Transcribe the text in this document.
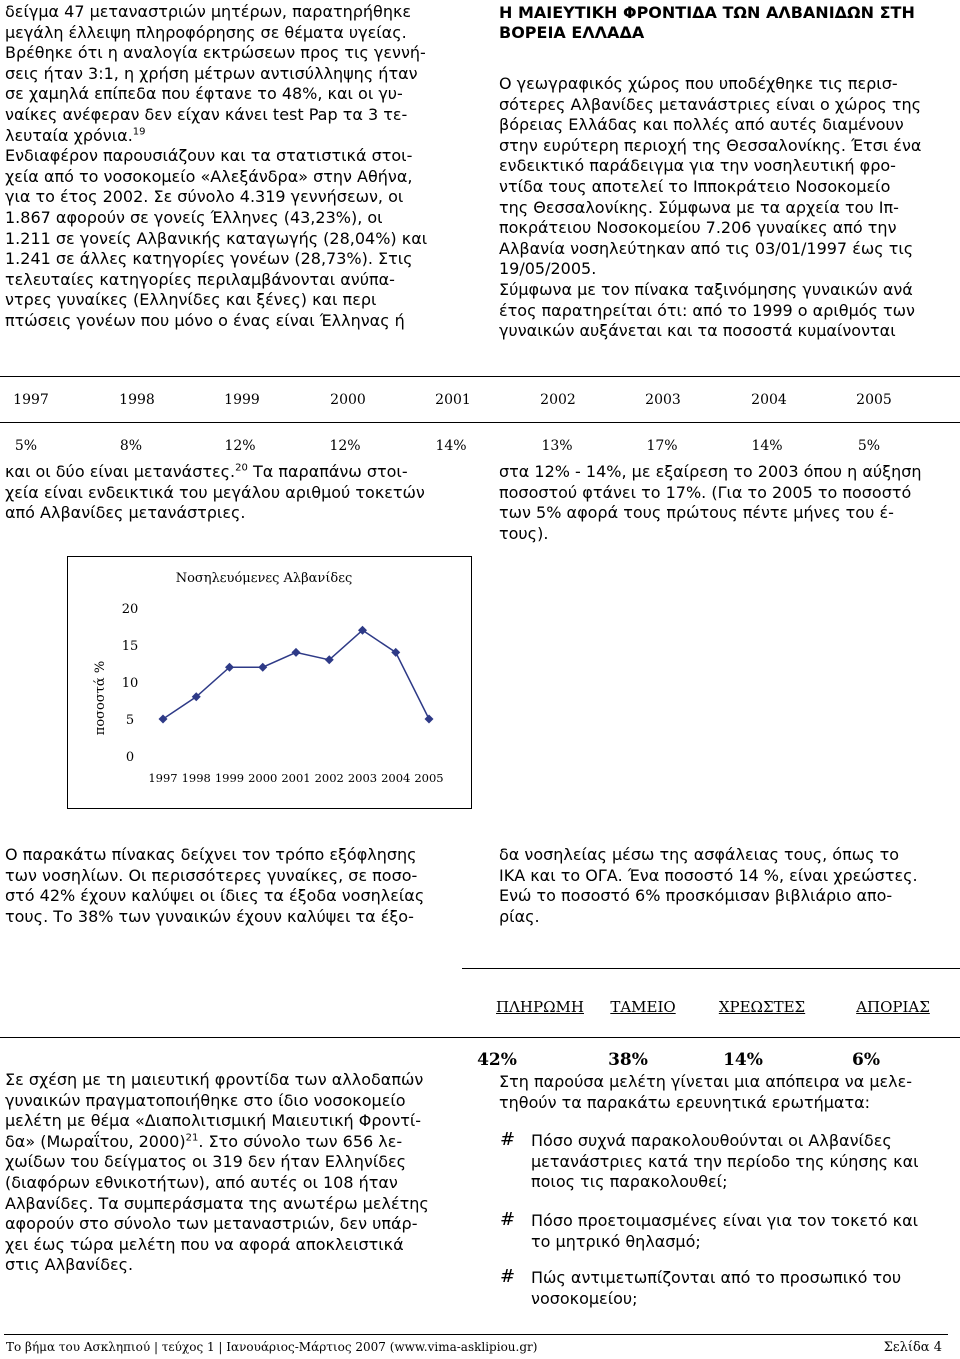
δείγμα 47 μεταναστριών μητέρων, παρατηρήθηκε
μεγάλη έλλειψη πληροφόρησης σε θέματα υγείας.
Βρέθηκε ότι η αναλογία εκτρώσεων προς τις γεννή-
σεις ήταν 3:1, η χρήση μέτρων αντισύλληψης ήταν
σε χαμηλά επίπεδα που έφτανε το 48%, και οι γυ-
ναίκες ανέφεραν δεν είχαν κάνει test Pap τα 3 τε-
λευταία χρόνια.$^{19}$
Ενδιαφέρον παρουσιάζουν και τα στατιστικά στοι-
χεία από το νοσοκομείο «Αλεξάνδρα» στην Αθήνα,
για το έτος 2002. Σε σύνολο 4.319 γεννήσεων, οι
1.867 αφορούν σε γονείς Έλληνες (43,23%), οι
1.211 σε γονείς Αλβανικής καταγωγής (28,04%) και
1.241 σε άλλες κατηγορίες γονέων (28,73%). Στις
τελευταίες κατηγορίες περιλαμβάνονται ανύπα-
ντρες γυναίκες (Ελληνίδες και ξένες) και περι
πτώσεις γονέων που μόνο ο ένας είναι Έλληνας ή
Η ΜΑΙΕΥΤΙΚΗ ΦΡΟΝΤΙΔΑ ΤΩΝ ΑΛΒΑΝΙΔΩΝ ΣΤΗ
ΒΟΡΕΙΑ ΕΛΛΑΔΑ
Ο γεωγραφικός χώρος που υποδέχθηκε τις περισ-
σότερες Αλβανίδες μετανάστριες είναι ο χώρος της
βόρειας Ελλάδας και πολλές από αυτές διαμένουν
στην ευρύτερη περιοχή της Θεσσαλονίκης. Έτσι ένα
ενδεικτικό παράδειγμα για την νοσηλευτική φρο-
ντίδα τους αποτελεί το Ιπποκράτειο Νοσοκομείο
της Θεσσαλονίκης. Σύμφωνα με τα αρχεία του Ιπ-
ποκράτειου Νοσοκομείου 7.206 γυναίκες από την
Αλβανία νοσηλεύτηκαν από τις 03/01/1997 έως τις
19/05/2005.
Σύμφωνα με τον πίνακα ταξινόμησης γυναικών ανά
έτος παρατηρείται ότι: από το 1999 ο αριθμός των
γυναικών αυξάνεται και τα ποσοστά κυμαίνονται
1997	1998	1999	2000	2001	2002	2003	2004	2005
5%	8%	12%	12%	14%	13%	17%	14%	5%
και οι δύο είναι μετανάστες.$^{20}$ Τα παραπάνω στοι-
χεία είναι ενδεικτικά του μεγάλου αριθμού τοκετών
από Αλβανίδες μετανάστριες.
στα 12% - 14%, με εξαίρεση το 2003 όπου η αύξηση
ποσοστού φτάνει το 17%. (Για το 2005 το ποσοστό
των 5% αφορά τους πρώτους πέντε μήνες του έ-
τους).
Νοσηλευόμενες Αλβανίδες
ποσοστά %
0
5
10
15
20
1997 1998 1999 2000 2001 2002 2003 2004 2005
Ο παρακάτω πίνακας δείχνει τον τρόπο εξόφλησης
των νοσηλίων. Οι περισσότερες γυναίκες, σε ποσο-
στό 42% έχουν καλύψει οι ίδιες τα έξοδα νοσηλείας
τους. Το 38% των γυναικών έχουν καλύψει τα έξο-
δα νοσηλείας μέσω της ασφάλειας τους, όπως το
ΙΚΑ και το ΟΓΑ. Ένα ποσοστό 14 %, είναι χρεώστες.
Ενώ το ποσοστό 6% προσκόμισαν βιβλιάριο απο-
ρίας.
ΠΛΗΡΩΜΗ ΤΑΜΕΙΟ	ΧΡΕΩΣΤΕΣ	ΑΠΟΡΙΑΣ
42%	38%	14%	6%
Σε σχέση με τη μαιευτική φροντίδα των αλλοδαπών
γυναικών πραγματοποιήθηκε στο ίδιο νοσοκομείο
μελέτη με θέμα «Διαπολιτισμική Μαιευτική Φροντί-
δα» (Μωραΐτου, 2000)$^{21}$. Στο σύνολο των 656 λε-
χωίδων του δείγματος οι 319 δεν ήταν Ελληνίδες
(διαφόρων εθνικοτήτων), από αυτές οι 108 ήταν
Αλβανίδες. Τα συμπεράσματα της ανωτέρω μελέτης
αφορούν στο σύνολο των μεταναστριών, δεν υπάρ-
χει έως τώρα μελέτη που να αφορά αποκλειστικά
στις Αλβανίδες.
Στη παρούσα μελέτη γίνεται μια απόπειρα να μελε-
τηθούν τα παρακάτω ερευνητικά ερωτήματα:
# Πόσο συχνά παρακολουθούνται οι Αλβανίδες
μετανάστριες κατά την περίοδο της κύησης και
ποιος τις παρακολουθεί;
# Πόσο προετοιμασμένες είναι για τον τοκετό και
το μητρικό θηλασμό;
# Πώς αντιμετωπίζονται από το προσωπικό του
νοσοκομείου;
Το βήμα του Ασκληπιού | τεύχος 1 | Ιανουάριος-Μάρτιος 2007 (www.vima-asklipiou.gr)	Σελίδα 4
